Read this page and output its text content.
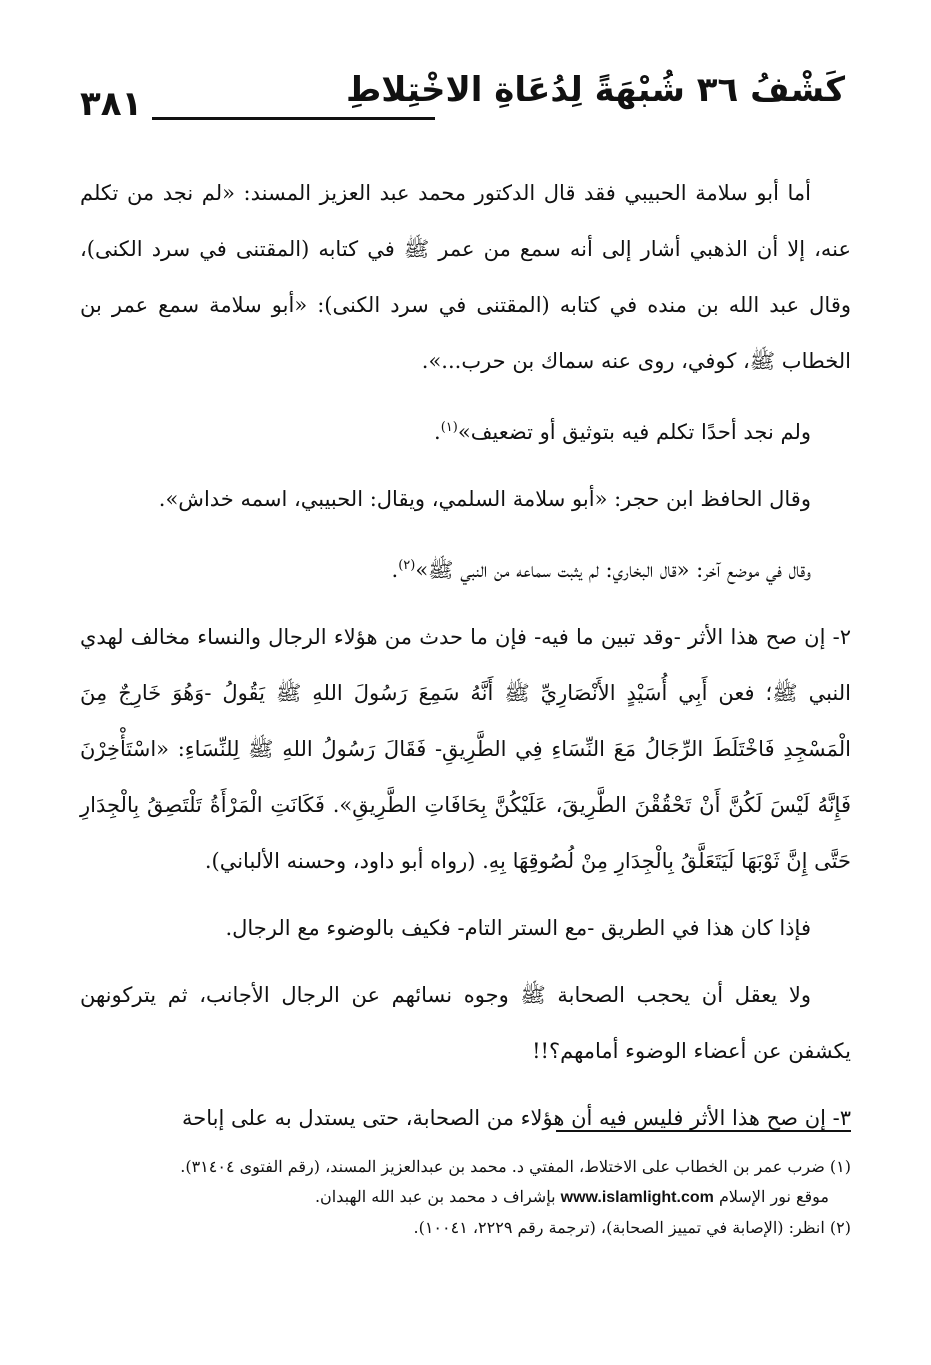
كَشْفُ ٣٦ شُبْهَةً لِدُعَاةِ الاخْتِلاطِ
٣٨١

أما أبو سلامة الحبيبي فقد قال الدكتور محمد عبد العزيز المسند: «لم نجد من تكلم عنه، إلا أن الذهبي أشار إلى أنه سمع من عمر ﷺ في كتابه (المقتنى في سرد الكنى)، وقال عبد الله بن منده في كتابه (المقتنى في سرد الكنى): «أبو سلامة سمع عمر بن الخطاب ﷺ، كوفي، روى عنه سماك بن حرب...».

ولم نجد أحدًا تكلم فيه بتوثيق أو تضعيف»$^{(١)}$.

وقال الحافظ ابن حجر: «أبو سلامة السلمي، ويقال: الحبيبي، اسمه خداش».

وقال في موضع آخر: «قال البخاري: لم يثبت سماعه من النبي ﷺ»$^{(٢)}$.

٢- إن صح هذا الأثر -وقد تبين ما فيه- فإن ما حدث من هؤلاء الرجال والنساء مخالف لهدي النبي ﷺ؛ فعن أَبِي أُسَيْدٍ الأَنْصَارِيِّ ﷺ أَنَّهُ سَمِعَ رَسُولَ اللهِ ﷺ يَقُولُ -وَهُوَ خَارِجٌ مِنَ الْمَسْجِدِ فَاخْتَلَطَ الرِّجَالُ مَعَ النِّسَاءِ فِي الطَّرِيقِ- فَقَالَ رَسُولُ اللهِ ﷺ لِلنِّسَاءِ: «اسْتَأْخِرْنَ فَإِنَّهُ لَيْسَ لَكُنَّ أَنْ تَحْقُقْنَ الطَّرِيقَ، عَلَيْكُنَّ بِحَافَاتِ الطَّرِيقِ». فَكَانَتِ الْمَرْأَةُ تَلْتَصِقُ بِالْجِدَارِ حَتَّى إِنَّ ثَوْبَهَا لَيَتَعَلَّقُ بِالْجِدَارِ مِنْ لُصُوقِهَا بِهِ. (رواه أبو داود، وحسنه الألباني).

فإذا كان هذا في الطريق -مع الستر التام- فكيف بالوضوء مع الرجال.

ولا يعقل أن يحجب الصحابة ﷺ وجوه نسائهم عن الرجال الأجانب، ثم يتركونهن يكشفن عن أعضاء الوضوء أمامهم؟!!

٣- إن صح هذا الأثر فليس فيه أن هؤلاء من الصحابة، حتى يستدل به على إباحة

(١) ضرب عمر بن الخطاب على الاختلاط، المفتي د. محمد بن عبدالعزيز المسند، (رقم الفتوى ٣١٤٠٤).

موقع نور الإسلام www.islamlight.com بإشراف د محمد بن عبد الله الهبدان.

(٢) انظر: (الإصابة في تمييز الصحابة)، (ترجمة رقم ٢٢٢٩، ١٠٠٤١).
